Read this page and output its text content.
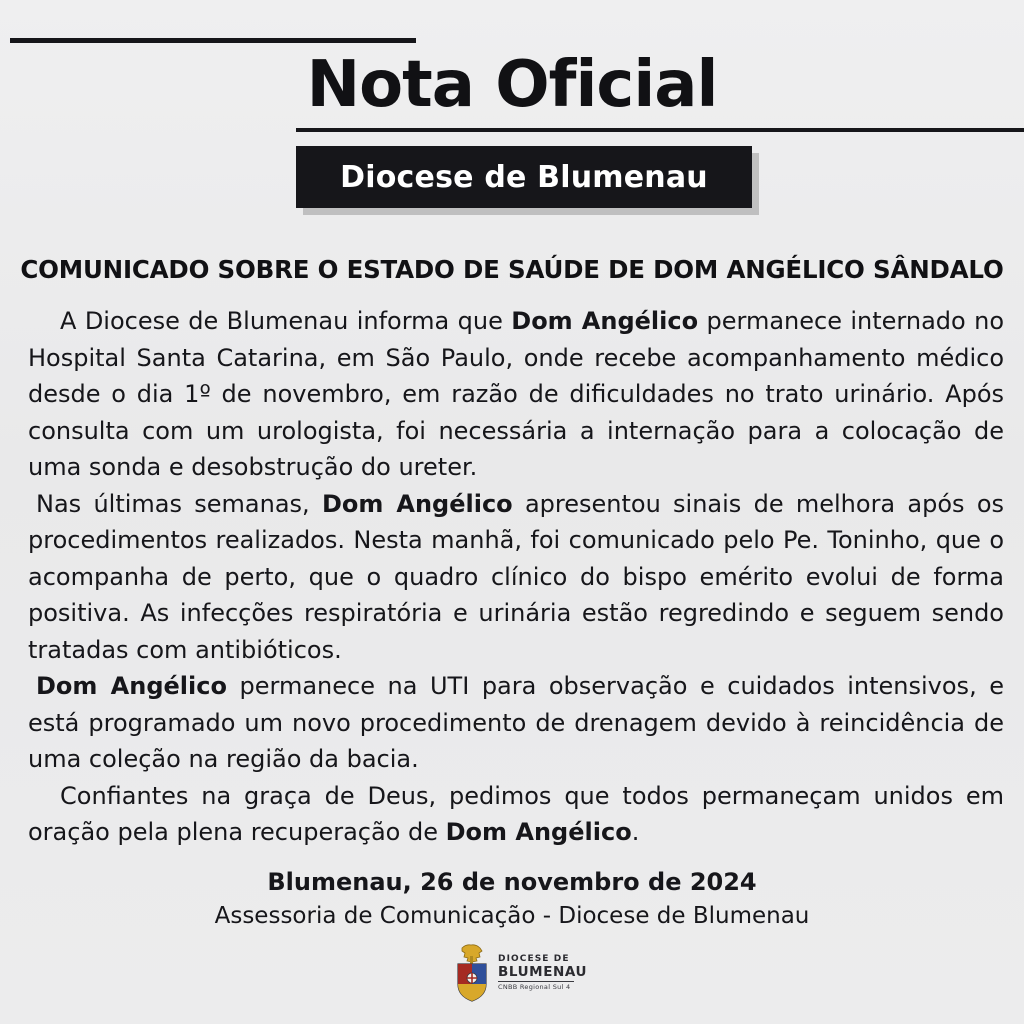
Nota Oficial
Diocese de Blumenau
COMUNICADO SOBRE O ESTADO DE SAÚDE DE DOM ANGÉLICO SÂNDALO

A Diocese de Blumenau informa que Dom Angélico permanece internado no Hospital Santa Catarina, em São Paulo, onde recebe acompanhamento médico desde o dia 1º de novembro, em razão de dificuldades no trato urinário. Após consulta com um urologista, foi necessária a internação para a colocação de uma sonda e desobstrução do ureter.

Nas últimas semanas, Dom Angélico apresentou sinais de melhora após os procedimentos realizados. Nesta manhã, foi comunicado pelo Pe. Toninho, que o acompanha de perto, que o quadro clínico do bispo emérito evolui de forma positiva. As infecções respiratória e urinária estão regredindo e seguem sendo tratadas com antibióticos.

Dom Angélico permanece na UTI para observação e cuidados intensivos, e está programado um novo procedimento de drenagem devido à reincidência de uma coleção na região da bacia.

Confiantes na graça de Deus, pedimos que todos permaneçam unidos em oração pela plena recuperação de Dom Angélico.

Blumenau, 26 de novembro de 2024
Assessoria de Comunicação - Diocese de Blumenau
DIOCESE DE
BLUMENAU
CNBB Regional Sul 4
